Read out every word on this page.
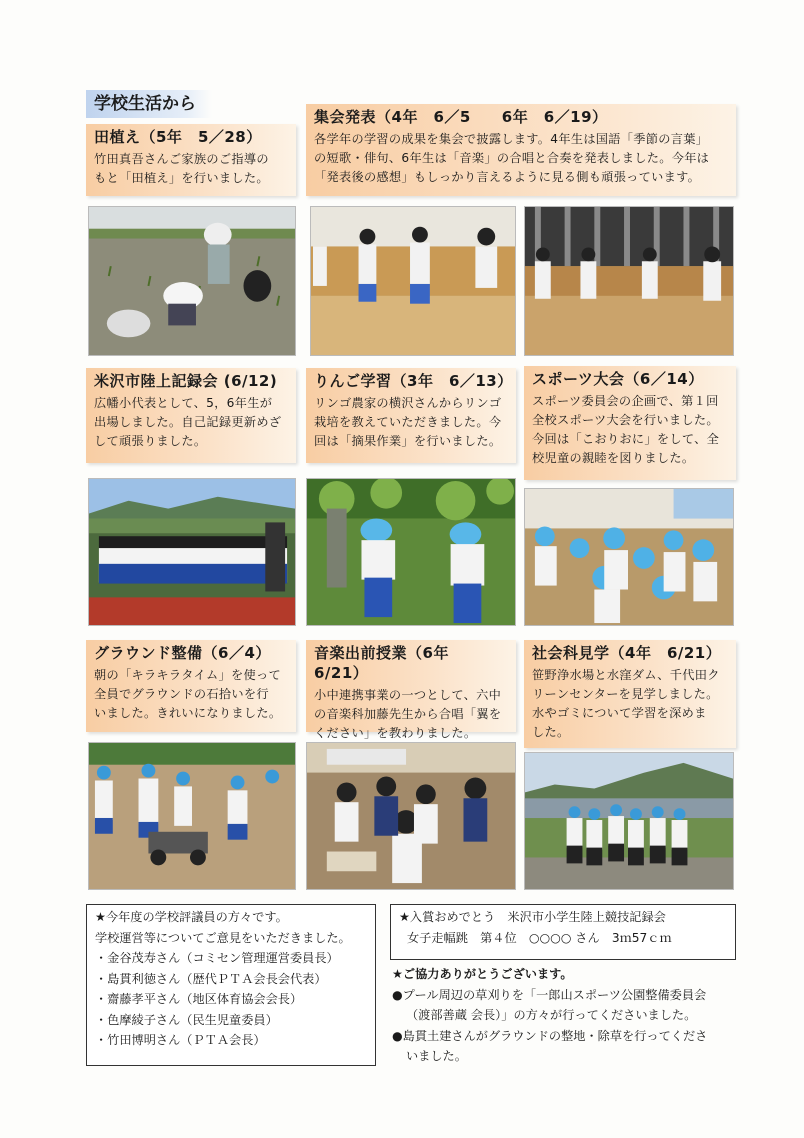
学校生活から
田植え（5年　5／28）

竹田真吾さんご家族のご指導の
もと「田植え」を行いました。

集会発表（4年　6／5　　6年　6／19）

各学年の学習の成果を集会で披露します。4年生は国語「季節の言葉」
の短歌・俳句、6年生は「音楽」の合唱と合奏を発表しました。今年は
「発表後の感想」もしっかり言えるように見る側も頑張っています。

米沢市陸上記録会 (6/12)

広幡小代表として、5，6年生が
出場しました。自己記録更新めざ
して頑張りました。

りんご学習（3年　6／13）

リンゴ農家の横沢さんからリンゴ
栽培を教えていただきました。今
回は「摘果作業」を行いました。

スポーツ大会（6／14）

スポーツ委員会の企画で、第１回
全校スポーツ大会を行いました。
今回は「こおりおに」をして、全
校児童の親睦を図りました。

グラウンド整備（6／4）

朝の「キラキラタイム」を使って
全員でグラウンドの石拾いを行
いました。きれいになりました。

音楽出前授業（6年　6/21）

小中連携事業の一つとして、六中
の音楽科加藤先生から合唱「翼を
ください」を教わりました。

社会科見学（4年　6/21）

笹野浄水場と水窪ダム、千代田ク
リーンセンターを見学しました。
水やゴミについて学習を深めま
した。

★今年度の学校評議員の方々です。
学校運営等についてご意見をいただきました。
・金谷茂寿さん（コミセン管理運営委員長）
・島貫利徳さん（歴代ＰＴＡ会長会代表）
・齋藤孝平さん（地区体育協会会長）
・色摩綾子さん（民生児童委員）
・竹田博明さん（ＰＴＡ会長）
★入賞おめでとう　米沢市小学生陸上競技記録会
女子走幅跳　第４位　○○○○ さん　3ｍ57ｃｍ
★ご協力ありがとうございます。
●プール周辺の草刈りを「一郎山スポーツ公園整備委員会
（渡部善蔵 会長）」の方々が行ってくださいました。
●島貫土建さんがグラウンドの整地・除草を行ってくださ
いました。
